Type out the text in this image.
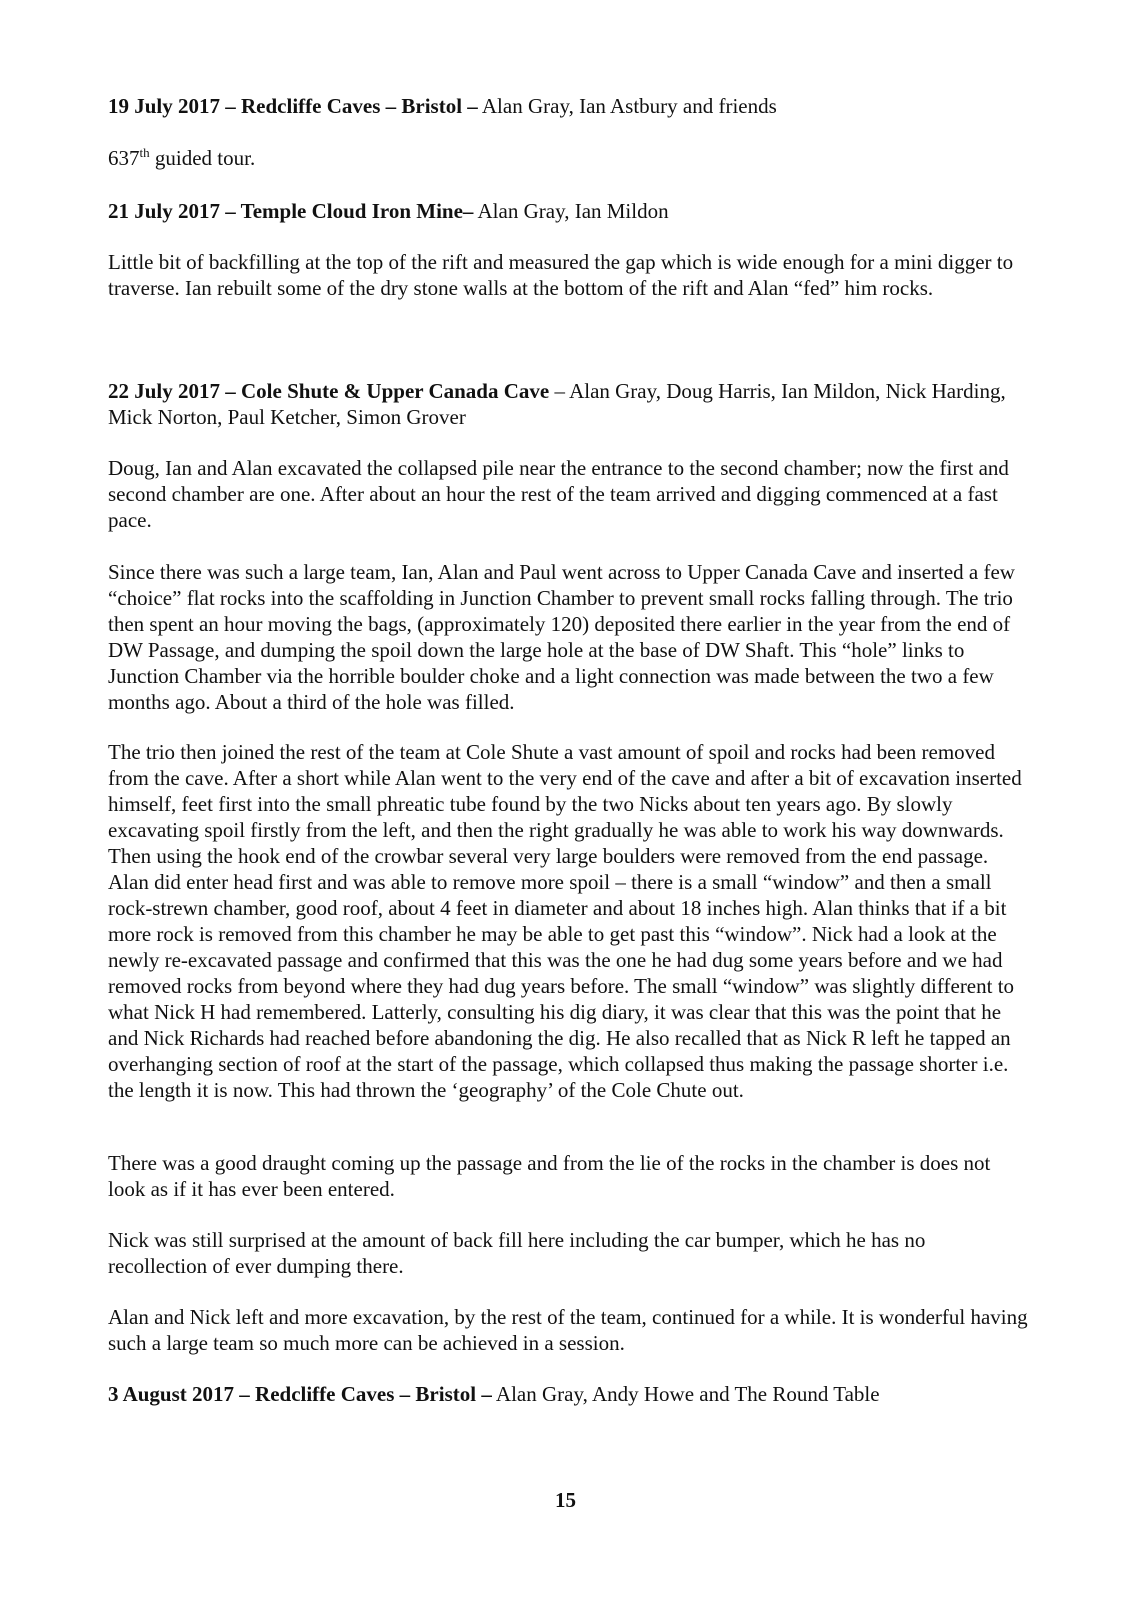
19 July 2017 – Redcliffe Caves – Bristol – Alan Gray, Ian Astbury and friends
637th guided tour.
21 July 2017 – Temple Cloud Iron Mine– Alan Gray, Ian Mildon

Little bit of backfilling at the top of the rift and measured the gap which is wide enough for a mini digger to traverse. Ian rebuilt some of the dry stone walls at the bottom of the rift and Alan “fed” him rocks.

22 July 2017 – Cole Shute & Upper Canada Cave – Alan Gray, Doug Harris, Ian Mildon, Nick Harding, Mick Norton, Paul Ketcher, Simon Grover

Doug, Ian and Alan excavated the collapsed pile near the entrance to the second chamber; now the first and second chamber are one. After about an hour the rest of the team arrived and digging commenced at a fast pace.

Since there was such a large team, Ian, Alan and Paul went across to Upper Canada Cave and inserted a few “choice” flat rocks into the scaffolding in Junction Chamber to prevent small rocks falling through. The trio then spent an hour moving the bags, (approximately 120) deposited there earlier in the year from the end of DW Passage, and dumping the spoil down the large hole at the base of DW Shaft. This “hole” links to Junction Chamber via the horrible boulder choke and a light connection was made between the two a few months ago. About a third of the hole was filled.

The trio then joined the rest of the team at Cole Shute a vast amount of spoil and rocks had been removed from the cave. After a short while Alan went to the very end of the cave and after a bit of excavation inserted himself, feet first into the small phreatic tube found by the two Nicks about ten years ago. By slowly excavating spoil firstly from the left, and then the right gradually he was able to work his way downwards. Then using the hook end of the crowbar several very large boulders were removed from the end passage. Alan did enter head first and was able to remove more spoil – there is a small “window” and then a small rock-strewn chamber, good roof, about 4 feet in diameter and about 18 inches high. Alan thinks that if a bit more rock is removed from this chamber he may be able to get past this “window”. Nick had a look at the newly re-excavated passage and confirmed that this was the one he had dug some years before and we had removed rocks from beyond where they had dug years before. The small “window” was slightly different to what Nick H had remembered. Latterly, consulting his dig diary, it was clear that this was the point that he and Nick Richards had reached before abandoning the dig. He also recalled that as Nick R left he tapped an overhanging section of roof at the start of the passage, which collapsed thus making the passage shorter i.e. the length it is now. This had thrown the ‘geography’ of the Cole Chute out.

There was a good draught coming up the passage and from the lie of the rocks in the chamber is does not look as if it has ever been entered.

Nick was still surprised at the amount of back fill here including the car bumper, which he has no recollection of ever dumping there.

Alan and Nick left and more excavation, by the rest of the team, continued for a while. It is wonderful having such a large team so much more can be achieved in a session.

3 August 2017 – Redcliffe Caves – Bristol – Alan Gray, Andy Howe and The Round Table
15
